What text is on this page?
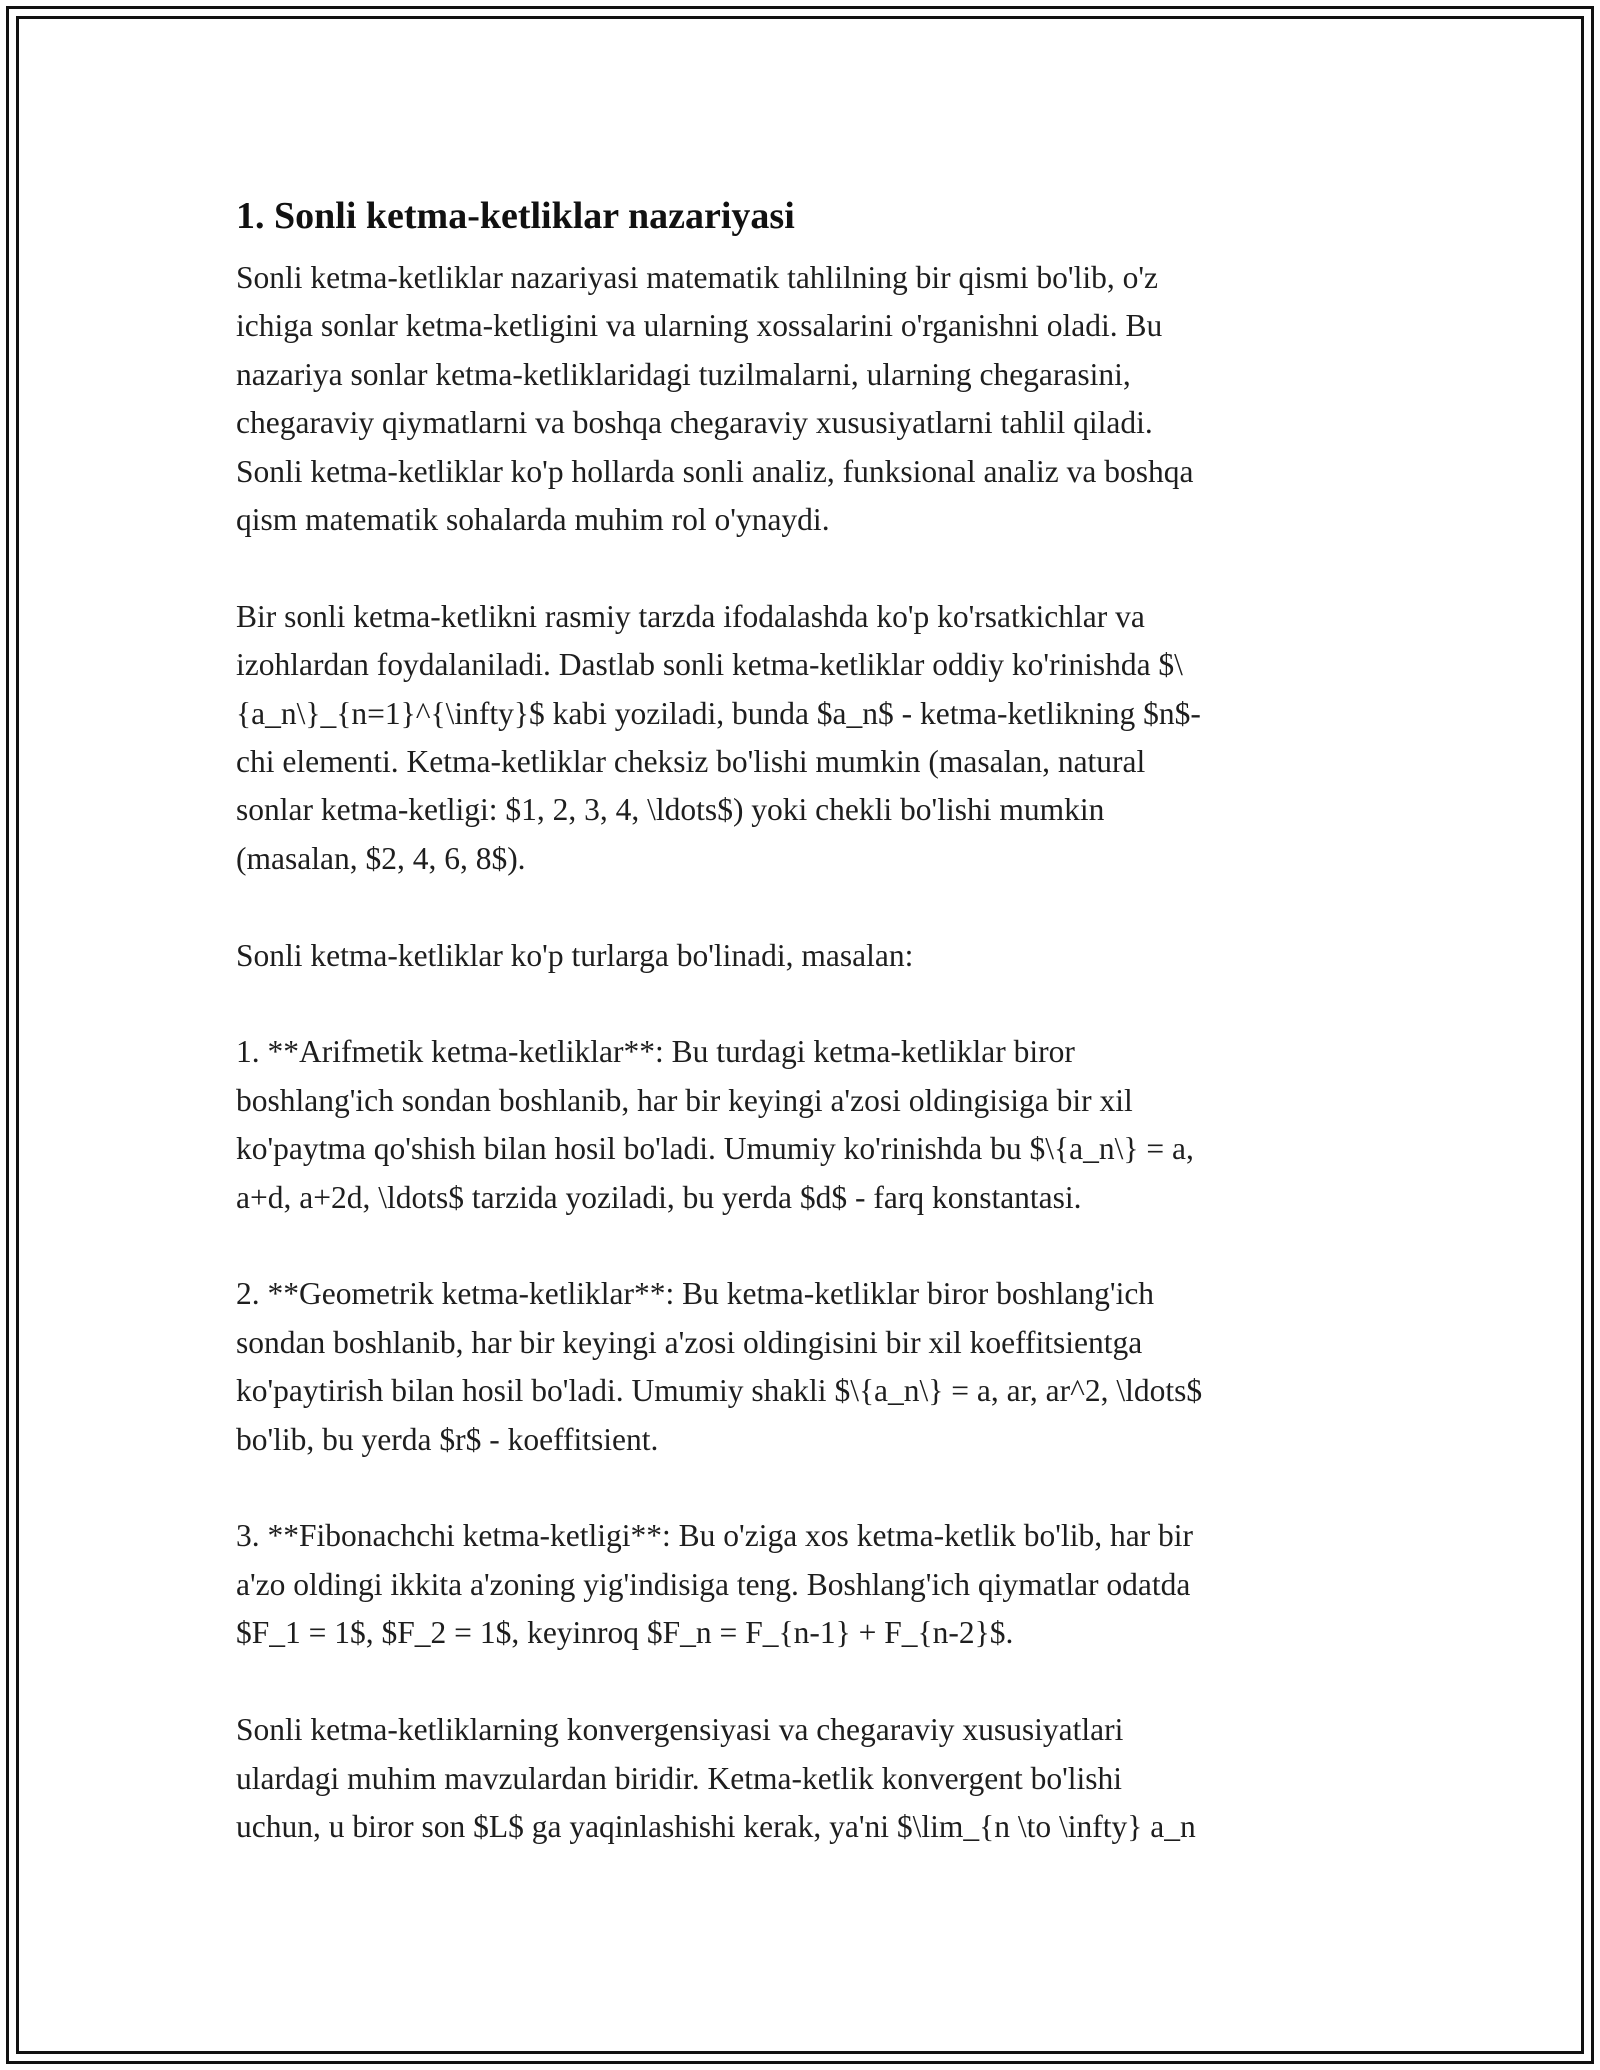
1. Sonli ketma-ketliklar nazariyasi

Sonli ketma-ketliklar nazariyasi matematik tahlilning bir qismi bo'lib, o'z
ichiga sonlar ketma-ketligini va ularning xossalarini o'rganishni oladi. Bu
nazariya sonlar ketma-ketliklaridagi tuzilmalarni, ularning chegarasini,
chegaraviy qiymatlarni va boshqa chegaraviy xususiyatlarni tahlil qiladi.
Sonli ketma-ketliklar ko'p hollarda sonli analiz, funksional analiz va boshqa
qism matematik sohalarda muhim rol o'ynaydi.

Bir sonli ketma-ketlikni rasmiy tarzda ifodalashda ko'p ko'rsatkichlar va
izohlardan foydalaniladi. Dastlab sonli ketma-ketliklar oddiy ko'rinishda $\
{a_n\}_{n=1}^{\infty}$ kabi yoziladi, bunda $a_n$ - ketma-ketlikning $n$-
chi elementi. Ketma-ketliklar cheksiz bo'lishi mumkin (masalan, natural
sonlar ketma-ketligi: $1, 2, 3, 4, \ldots$) yoki chekli bo'lishi mumkin
(masalan, $2, 4, 6, 8$).

Sonli ketma-ketliklar ko'p turlarga bo'linadi, masalan:

1. **Arifmetik ketma-ketliklar**: Bu turdagi ketma-ketliklar biror
boshlang'ich sondan boshlanib, har bir keyingi a'zosi oldingisiga bir xil
ko'paytma qo'shish bilan hosil bo'ladi. Umumiy ko'rinishda bu $\{a_n\} = a,
a+d, a+2d, \ldots$ tarzida yoziladi, bu yerda $d$ - farq konstantasi.

2. **Geometrik ketma-ketliklar**: Bu ketma-ketliklar biror boshlang'ich
sondan boshlanib, har bir keyingi a'zosi oldingisini bir xil koeffitsientga
ko'paytirish bilan hosil bo'ladi. Umumiy shakli $\{a_n\} = a, ar, ar^2, \ldots$
bo'lib, bu yerda $r$ - koeffitsient.

3. **Fibonachchi ketma-ketligi**: Bu o'ziga xos ketma-ketlik bo'lib, har bir
a'zo oldingi ikkita a'zoning yig'indisiga teng. Boshlang'ich qiymatlar odatda
$F_1 = 1$, $F_2 = 1$, keyinroq $F_n = F_{n-1} + F_{n-2}$.

Sonli ketma-ketliklarning konvergensiyasi va chegaraviy xususiyatlari
ulardagi muhim mavzulardan biridir. Ketma-ketlik konvergent bo'lishi
uchun, u biror son $L$ ga yaqinlashishi kerak, ya'ni $\lim_{n \to \infty} a_n
